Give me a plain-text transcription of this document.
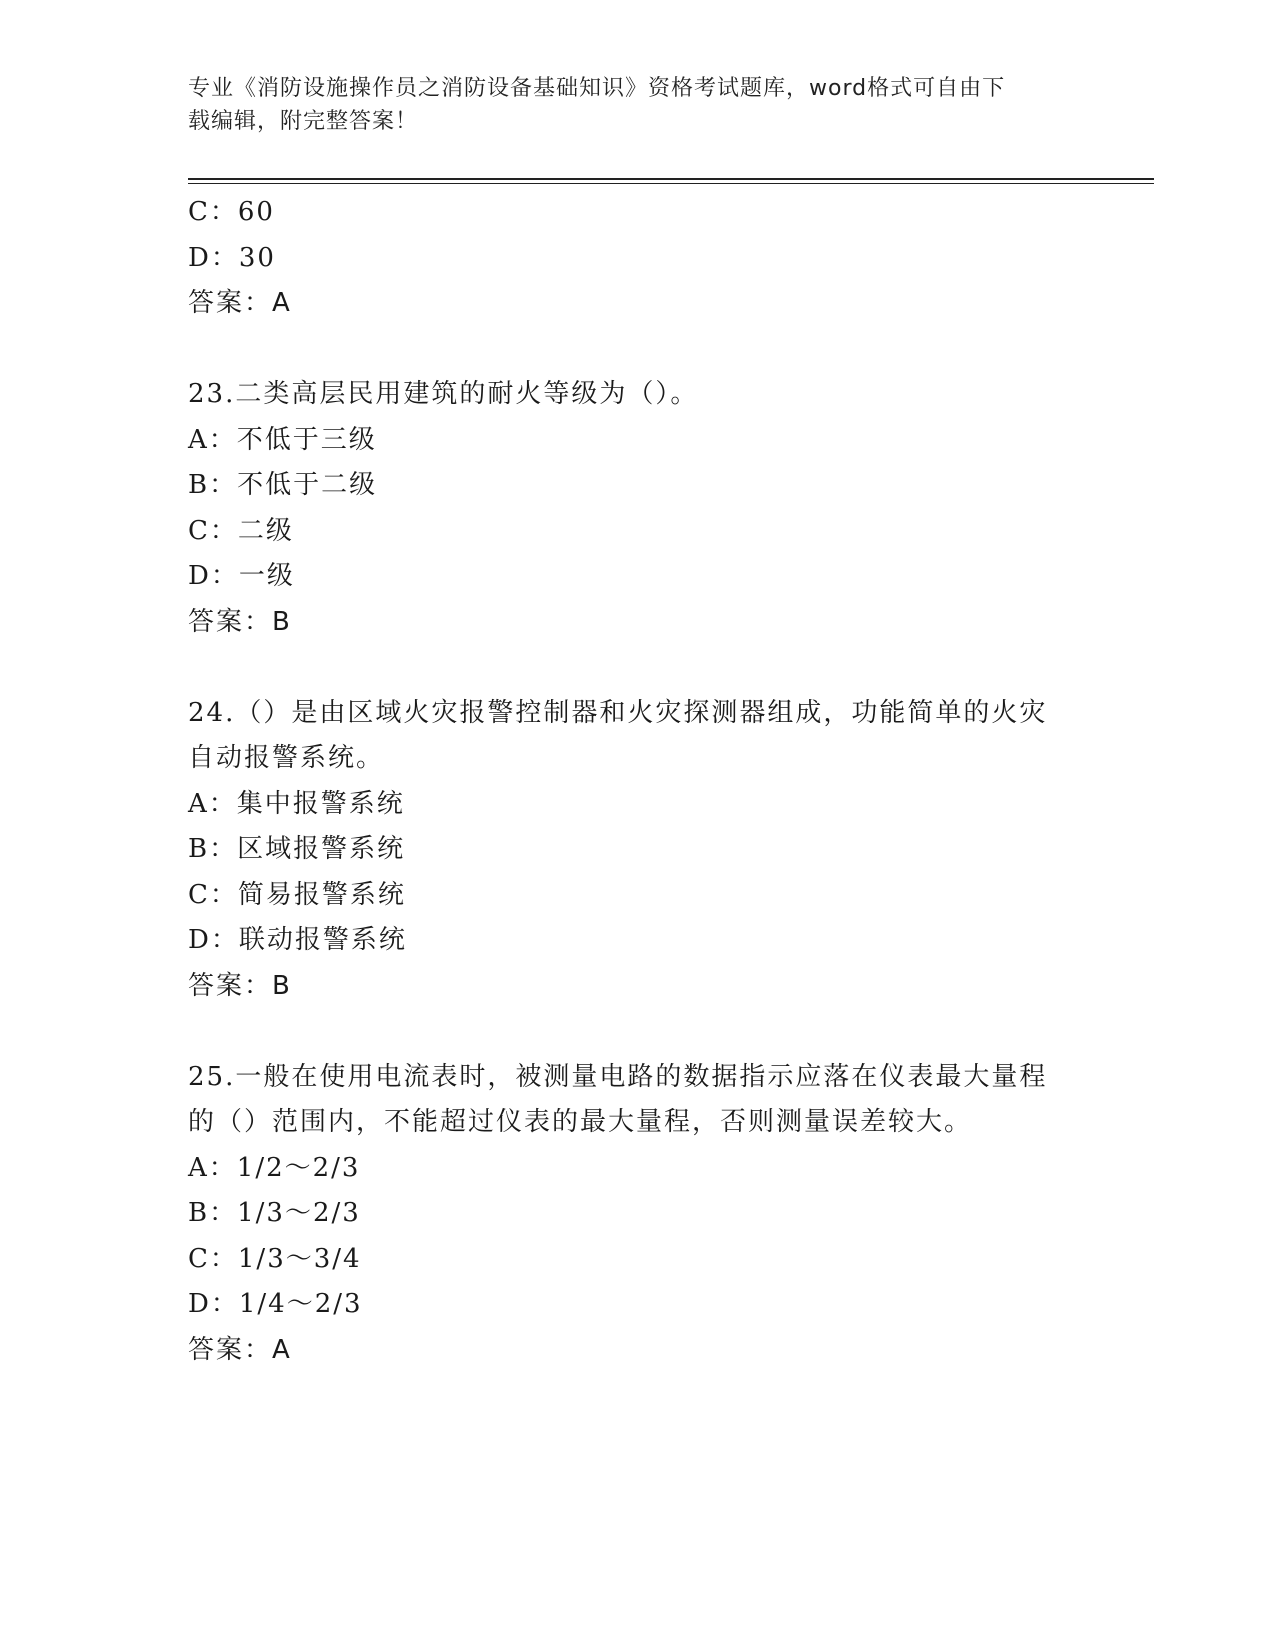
专业《消防设施操作员之消防设备基础知识》资格考试题库，word格式可自由下
载编辑，附完整答案！
C：60
D：30
答案：A
23.二类高层民用建筑的耐火等级为（）。
A：不低于三级
B：不低于二级
C：二级
D：一级
答案：B
24.（）是由区域火灾报警控制器和火灾探测器组成，功能简单的火灾
自动报警系统。
A：集中报警系统
B：区域报警系统
C：简易报警系统
D：联动报警系统
答案：B
25.一般在使用电流表时，被测量电路的数据指示应落在仪表最大量程
的（）范围内，不能超过仪表的最大量程，否则测量误差较大。
A：1/2～2/3
B：1/3～2/3
C：1/3～3/4
D：1/4～2/3
答案：A
